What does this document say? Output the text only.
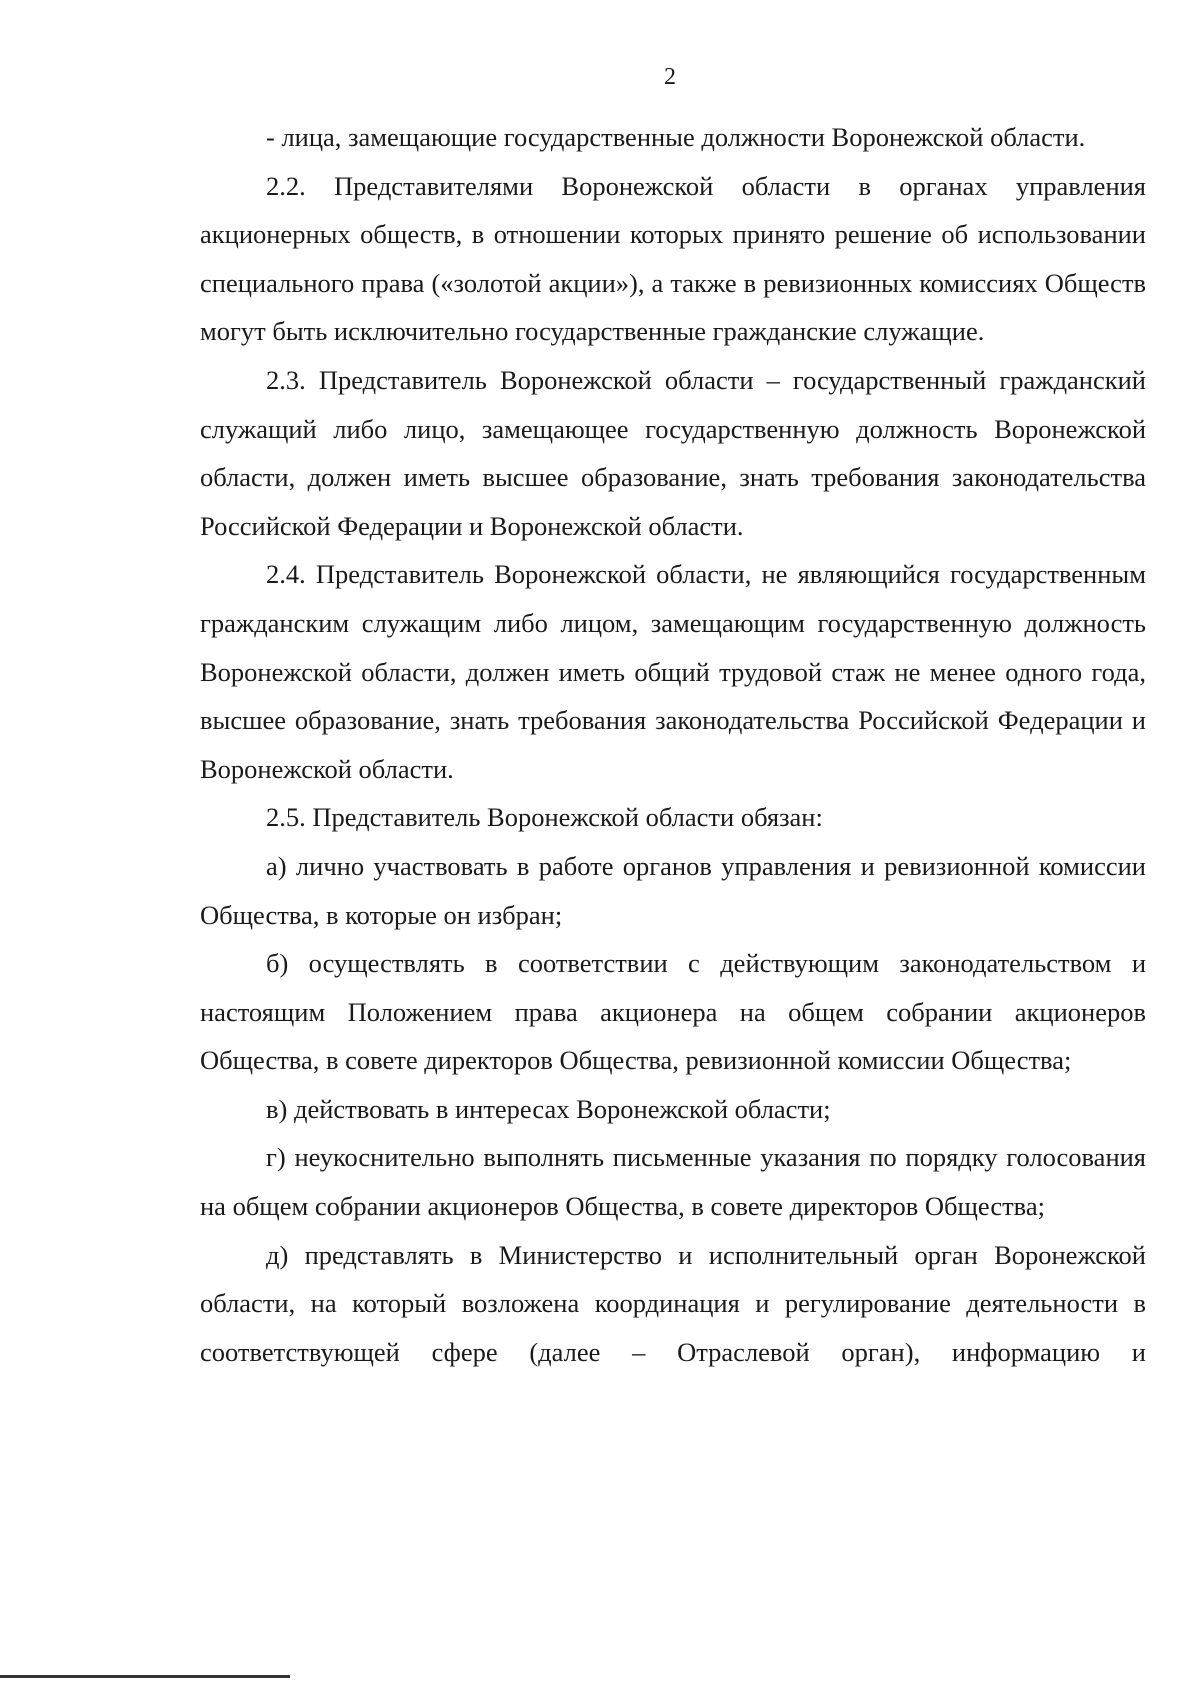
2

- лица, замещающие государственные должности Воронежской области.

2.2. Представителями Воронежской области в органах управления акционерных обществ, в отношении которых принято решение об использовании специального права («золотой акции»), а также в ревизионных комиссиях Обществ могут быть исключительно государственные гражданские служащие.

2.3. Представитель Воронежской области – государственный гражданский служащий либо лицо, замещающее государственную должность Воронежской области, должен иметь высшее образование, знать требования законодательства Российской Федерации и Воронежской области.

2.4. Представитель Воронежской области, не являющийся государственным гражданским служащим либо лицом, замещающим государственную должность Воронежской области, должен иметь общий трудовой стаж не менее одного года, высшее образование, знать требования законодательства Российской Федерации и Воронежской области.

2.5. Представитель Воронежской области обязан:

а) лично участвовать в работе органов управления и ревизионной комиссии Общества, в которые он избран;

б) осуществлять в соответствии с действующим законодательством и настоящим Положением права акционера на общем собрании акционеров Общества, в совете директоров Общества, ревизионной комиссии Общества;

в) действовать в интересах Воронежской области;

г) неукоснительно выполнять письменные указания по порядку голосования на общем собрании акционеров Общества, в совете директоров Общества;

д) представлять в Министерство и исполнительный орган Воронежской области, на который возложена координация и регулирование деятельности в соответствующей сфере (далее – Отраслевой орган), информацию и
